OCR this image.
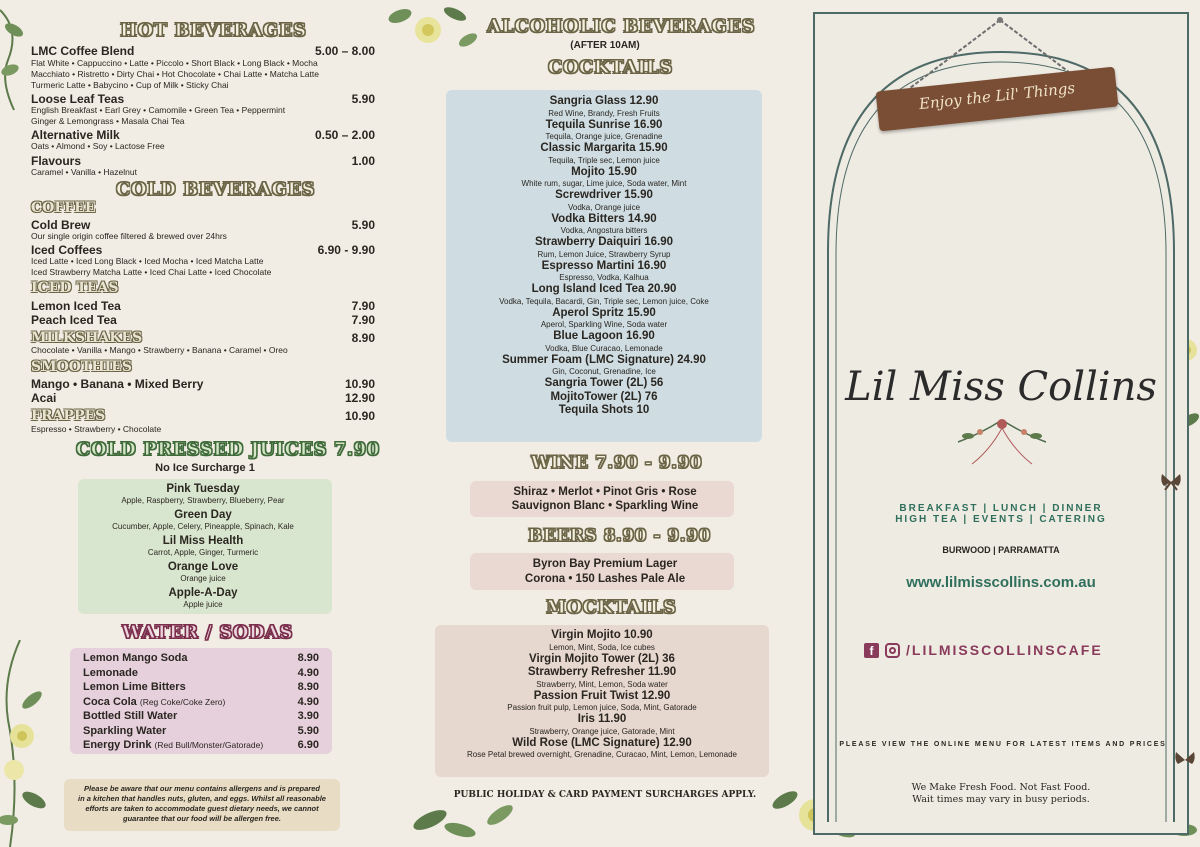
HOT BEVERAGES
LMC Coffee Blend	5.00 – 8.00
Flat White • Cappuccino • Latte • Piccolo • Short Black • Long Black • Mocha
Macchiato • Ristretto • Dirty Chai • Hot Chocolate • Chai Latte • Matcha Latte
Turmeric Latte • Babycino • Cup of Milk • Sticky Chai
Loose Leaf Teas	5.90
English Breakfast • Earl Grey • Camomile • Green Tea • Peppermint
Ginger & Lemongrass • Masala Chai Tea
Alternative Milk	0.50 – 2.00
Oats • Almond • Soy • Lactose Free
Flavours	1.00
Caramel • Vanilla • Hazelnut
COLD BEVERAGES
COFFEE
Cold Brew	5.90
Our single origin coffee filtered & brewed over 24hrs
Iced Coffees	6.90 - 9.90
Iced Latte • Iced Long Black • Iced Mocha • Iced Matcha Latte
Iced Strawberry Matcha Latte • Iced Chai Latte • Iced Chocolate
ICED TEAS
Lemon Iced Tea	7.90
Peach Iced Tea	7.90
MILKSHAKES	8.90
Chocolate • Vanilla • Mango • Strawberry • Banana • Caramel • Oreo
SMOOTHIES
Mango • Banana • Mixed Berry	10.90
Acai	12.90
FRAPPES	10.90
Espresso • Strawberry • Chocolate
COLD PRESSED JUICES 7.90
No Ice Surcharge 1
Pink Tuesday
Apple, Raspberry, Strawberry, Blueberry, Pear
Green Day
Cucumber, Apple, Celery, Pineapple, Spinach, Kale
Lil Miss Health
Carrot, Apple, Ginger, Turmeric
Orange Love
Orange juice
Apple-A-Day
Apple juice
WATER / SODAS
Lemon Mango Soda	8.90
Lemonade	4.90
Lemon Lime Bitters	8.90
Coca Cola (Reg Coke/Coke Zero)	4.90
Bottled Still Water	3.90
Sparkling Water	5.90
Energy Drink (Red Bull/Monster/Gatorade)	6.90
Please be aware that our menu contains allergens and is prepared
in a kitchen that handles nuts, gluten, and eggs. Whilst all reasonable
efforts are taken to accommodate guest dietary needs, we cannot
guarantee that our food will be allergen free.
ALCOHOLIC BEVERAGES
(AFTER 10AM)
COCKTAILS
Sangria Glass 12.90
Red Wine, Brandy, Fresh Fruits
Tequila Sunrise 16.90
Tequila, Orange juice, Grenadine
Classic Margarita 15.90
Tequila, Triple sec, Lemon juice
Mojito 15.90
White rum, sugar, Lime juice, Soda water, Mint
Screwdriver 15.90
Vodka, Orange juice
Vodka Bitters 14.90
Vodka, Angostura bitters
Strawberry Daiquiri 16.90
Rum, Lemon Juice, Strawberry Syrup
Espresso Martini 16.90
Espresso, Vodka, Kalhua
Long Island Iced Tea 20.90
Vodka, Tequila, Bacardi, Gin, Triple sec, Lemon juice, Coke
Aperol Spritz 15.90
Aperol, Sparkling Wine, Soda water
Blue Lagoon 16.90
Vodka, Blue Curacao, Lemonade
Summer Foam (LMC Signature) 24.90
Gin, Coconut, Grenadine, Ice
Sangria Tower (2L) 56
MojitoTower (2L) 76
Tequila Shots 10
WINE 7.90 - 9.90
Shiraz • Merlot • Pinot Gris • Rose
Sauvignon Blanc • Sparkling Wine
BEERS 8.90 - 9.90
Byron Bay Premium Lager
Corona • 150 Lashes Pale Ale
MOCKTAILS
Virgin Mojito 10.90
Lemon, Mint, Soda, Ice cubes
Virgin Mojito Tower (2L) 36
Strawberry Refresher 11.90
Strawberry, Mint, Lemon, Soda water
Passion Fruit Twist 12.90
Passion fruit pulp, Lemon juice, Soda, Mint, Gatorade
Iris 11.90
Strawberry, Orange juice, Gatorade, Mint
Wild Rose (LMC Signature) 12.90
Rose Petal brewed overnight, Grenadine, Curacao, Mint, Lemon, Lemonade
PUBLIC HOLIDAY & CARD PAYMENT SURCHARGES APPLY.
Enjoy the Lil' Things
Lil Miss Collins
BREAKFAST | LUNCH | DINNER
HIGH TEA | EVENTS | CATERING
BURWOOD | PARRAMATTA
www.lilmisscollins.com.au
f	/LILMISSCOLLINSCAFE
PLEASE VIEW THE ONLINE MENU FOR LATEST ITEMS AND PRICES
We Make Fresh Food. Not Fast Food.
Wait times may vary in busy periods.
